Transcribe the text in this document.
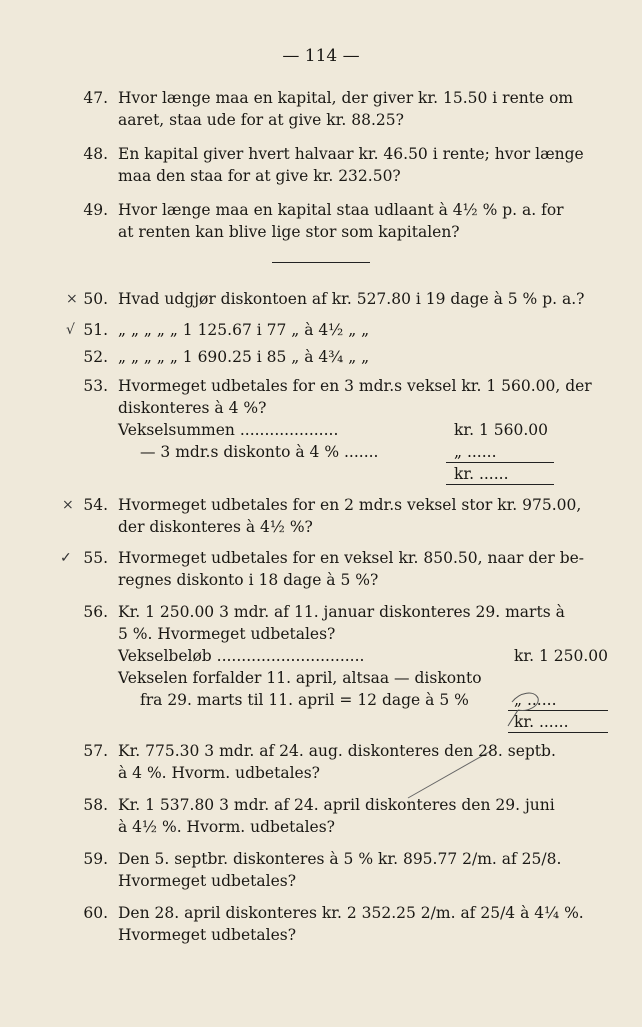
— 114 —
47. Hvor længe maa en kapital, der giver kr. 15.50 i rente om
aaret, staa ude for at give kr. 88.25?
48. En kapital giver hvert halvaar kr. 46.50 i rente; hvor længe
maa den staa for at give kr. 232.50?
49. Hvor længe maa en kapital staa udlaant à 4½ % p. a. for
at renten kan blive lige stor som kapitalen?
× 50. Hvad udgjør diskontoen af kr. 527.80 i 19 dage à 5 % p. a.?
√ 51. „ „ „ „ „ 1 125.67 i 77 „ à 4½ „ „
52. „ „ „ „ „ 1 690.25 i 85 „ à 4¾ „ „
53. Hvormeget udbetales for en 3 mdr.s veksel kr. 1 560.00, der
diskonteres à 4 %?
Vekselsummen ....................	kr. 1 560.00
— 3 mdr.s diskonto à 4 % .......	„ ......
kr. ......
× 54. Hvormeget udbetales for en 2 mdr.s veksel stor kr. 975.00,
der diskonteres à 4½ %?
✓ 55. Hvormeget udbetales for en veksel kr. 850.50, naar der be-
regnes diskonto i 18 dage à 5 %?
56. Kr. 1 250.00 3 mdr. af 11. januar diskonteres 29. marts à
5 %. Hvormeget udbetales?
Vekselbeløb ..............................	kr. 1 250.00
Vekselen forfalder 11. april, altsaa — diskonto
fra 29. marts til 11. april = 12 dage à 5 %	„ ......
kr. ......
57. Kr. 775.30 3 mdr. af 24. aug. diskonteres den 28. septb.
à 4 %. Hvorm. udbetales?
58. Kr. 1 537.80 3 mdr. af 24. april diskonteres den 29. juni
à 4½ %. Hvorm. udbetales?
59. Den 5. septbr. diskonteres à 5 % kr. 895.77 2/m. af 25/8.
Hvormeget udbetales?
60. Den 28. april diskonteres kr. 2 352.25 2/m. af 25/4 à 4¼ %.
Hvormeget udbetales?
